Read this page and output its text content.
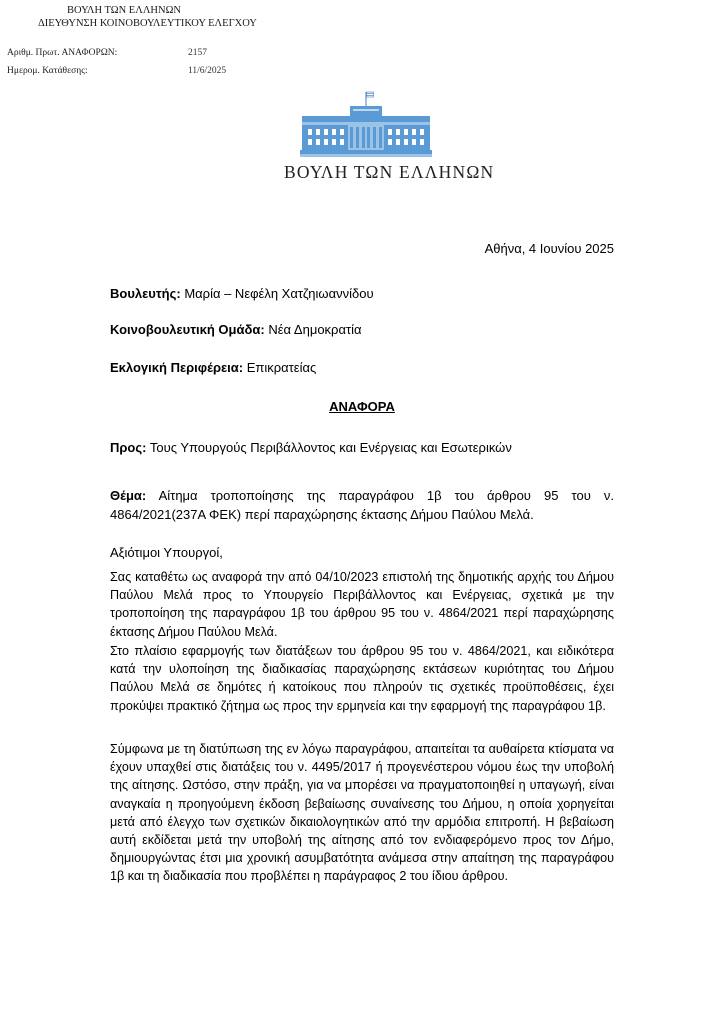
ΒΟΥΛΗ ΤΩΝ ΕΛΛΗΝΩΝ
ΔΙΕΥΘΥΝΣΗ ΚΟΙΝΟΒΟΥΛΕΥΤΙΚΟΥ ΕΛΕΓΧΟΥ
Αριθμ. Πρωτ. ΑΝΑΦΟΡΩΝ:	2157
Ημερομ. Κατάθεσης:	11/6/2025
ΒΟΥΛΗ ΤΩΝ ΕΛΛΗΝΩΝ
Αθήνα, 4 Ιουνίου 2025
Βουλευτής: Μαρία – Νεφέλη Χατζηιωαννίδου
Κοινοβουλευτική Ομάδα: Νέα Δημοκρατία
Εκλογική Περιφέρεια: Επικρατείας
ΑΝΑΦΟΡΑ
Προς: Τους Υπουργούς Περιβάλλοντος και Ενέργειας και Εσωτερικών
Θέμα: Αίτημα τροποποίησης της παραγράφου 1β του άρθρου 95 του ν. 4864/2021(237Α ΦΕΚ) περί παραχώρησης έκτασης Δήμου Παύλου Μελά.
Αξιότιμοι Υπουργοί,

Σας καταθέτω ως αναφορά την από 04/10/2023 επιστολή της δημοτικής αρχής του Δήμου Παύλου Μελά προς το Υπουργείο Περιβάλλοντος και Ενέργειας, σχετικά με την τροποποίηση της παραγράφου 1β του άρθρου 95 του ν. 4864/2021 περί παραχώρησης έκτασης Δήμου Παύλου Μελά.

Στο πλαίσιο εφαρμογής των διατάξεων του άρθρου 95 του ν. 4864/2021, και ειδικότερα κατά την υλοποίηση της διαδικασίας παραχώρησης εκτάσεων κυριότητας του Δήμου Παύλου Μελά σε δημότες ή κατοίκους που πληρούν τις σχετικές προϋποθέσεις, έχει προκύψει πρακτικό ζήτημα ως προς την ερμηνεία και την εφαρμογή της παραγράφου 1β.

Σύμφωνα με τη διατύπωση της εν λόγω παραγράφου, απαιτείται τα αυθαίρετα κτίσματα να έχουν υπαχθεί στις διατάξεις του ν. 4495/2017 ή προγενέστερου νόμου έως την υποβολή της αίτησης. Ωστόσο, στην πράξη, για να μπορέσει να πραγματοποιηθεί η υπαγωγή, είναι αναγκαία η προηγούμενη έκδοση βεβαίωσης συναίνεσης του Δήμου, η οποία χορηγείται μετά από έλεγχο των σχετικών δικαιολογητικών από την αρμόδια επιτροπή. Η βεβαίωση αυτή εκδίδεται μετά την υποβολή της αίτησης από τον ενδιαφερόμενο προς τον Δήμο, δημιουργώντας έτσι μια χρονική ασυμβατότητα ανάμεσα στην απαίτηση της παραγράφου 1β και τη διαδικασία που προβλέπει η παράγραφος 2 του ίδιου άρθρου.
